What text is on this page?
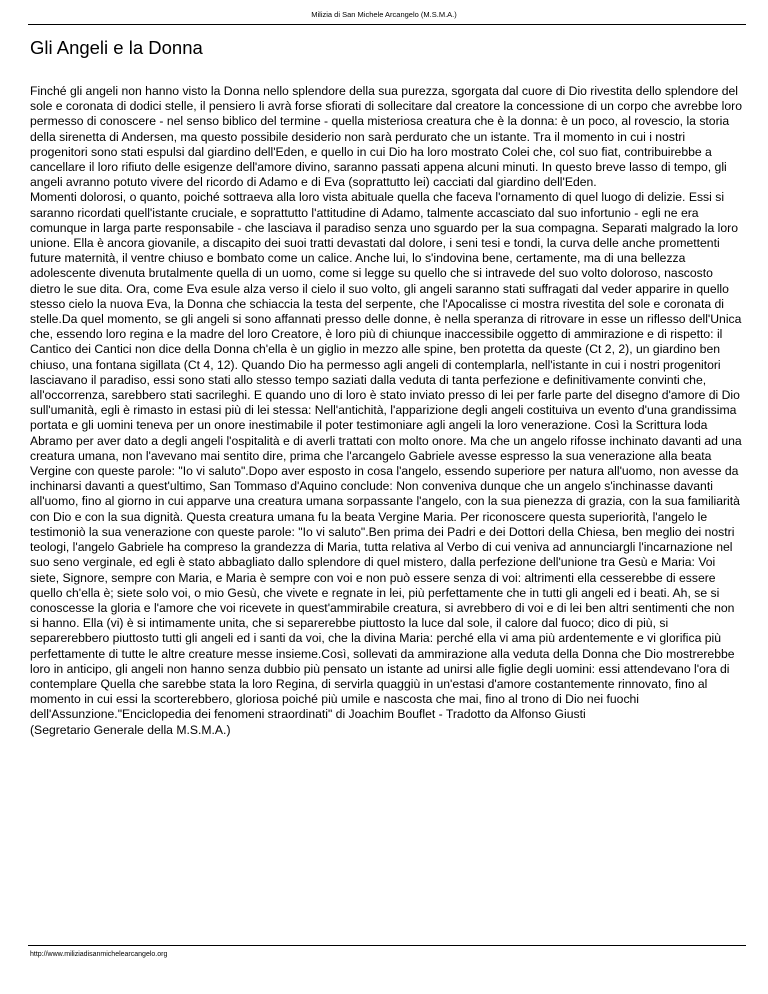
Milizia di San Michele Arcangelo (M.S.M.A.)
Gli Angeli e la Donna

Finché gli angeli non hanno visto la Donna nello splendore della sua purezza, sgorgata dal cuore di Dio rivestita dello splendore del sole e coronata di dodici stelle, il pensiero li avrà forse sfiorati di sollecitare dal creatore la concessione di un corpo che avrebbe loro permesso di conoscere - nel senso biblico del termine - quella misteriosa creatura che è la donna: è un poco, al rovescio, la storia della sirenetta di Andersen, ma questo possibile desiderio non sarà perdurato che un istante. Tra il momento in cui i nostri progenitori sono stati espulsi dal giardino dell'Eden, e quello in cui Dio ha loro mostrato Colei che, col suo fiat, contribuirebbe a cancellare il loro rifiuto delle esigenze dell'amore divino, saranno passati appena alcuni minuti. In questo breve lasso di tempo, gli angeli avranno potuto vivere del ricordo di Adamo e di Eva (soprattutto lei) cacciati dal giardino dell'Eden.
Momenti dolorosi, o quanto, poiché sottraeva alla loro vista abituale quella che faceva l'ornamento di quel luogo di delizie. Essi si saranno ricordati quell'istante cruciale, e soprattutto l'attitudine di Adamo, talmente accasciato dal suo infortunio - egli ne era comunque in larga parte responsabile - che lasciava il paradiso senza uno sguardo per la sua compagna. Separati malgrado la loro unione. Ella è ancora giovanile, a discapito dei suoi tratti devastati dal dolore, i seni tesi e tondi, la curva delle anche promettenti future maternità, il ventre chiuso e bombato come un calice. Anche lui, lo s'indovina bene, certamente, ma di una bellezza adolescente divenuta brutalmente quella di un uomo, come si legge su quello che si intravede del suo volto doloroso, nascosto dietro le sue dita. Ora, come Eva esule alza verso il cielo il suo volto, gli angeli saranno stati suffragati dal veder apparire in quello stesso cielo la nuova Eva, la Donna che schiaccia la testa del serpente, che l'Apocalisse ci mostra rivestita del sole e coronata di stelle.Da quel momento, se gli angeli si sono affannati presso delle donne, è nella speranza di ritrovare in esse un riflesso dell'Unica che, essendo loro regina e la madre del loro Creatore, è loro più di chiunque inaccessibile oggetto di ammirazione e di rispetto: il Cantico dei Cantici non dice della Donna ch'ella è un giglio in mezzo alle spine, ben protetta da queste (Ct 2, 2), un giardino ben chiuso, una fontana sigillata (Ct 4, 12). Quando Dio ha permesso agli angeli di contemplarla, nell'istante in cui i nostri progenitori lasciavano il paradiso, essi sono stati allo stesso tempo saziati dalla veduta di tanta perfezione e definitivamente convinti che, all'occorrenza, sarebbero stati sacrileghi. E quando uno di loro è stato inviato presso di lei per farle parte del disegno d'amore di Dio sull'umanità, egli è rimasto in estasi più di lei stessa: Nell'antichità, l'apparizione degli angeli costituiva un evento d'una grandissima portata e gli uomini teneva per un onore inestimabile il poter testimoniare agli angeli la loro venerazione. Così la Scrittura loda Abramo per aver dato a degli angeli l'ospitalità e di averli trattati con molto onore. Ma che un angelo rifosse inchinato davanti ad una creatura umana, non l'avevano mai sentito dire, prima che l'arcangelo Gabriele avesse espresso la sua venerazione alla beata Vergine con queste parole: "Io vi saluto".Dopo aver esposto in cosa l'angelo, essendo superiore per natura all'uomo, non avesse da inchinarsi davanti a quest'ultimo, San Tommaso d'Aquino conclude: Non conveniva dunque che un angelo s'inchinasse davanti all'uomo, fino al giorno in cui apparve una creatura umana sorpassante l'angelo, con la sua pienezza di grazia, con la sua familiarità con Dio e con la sua dignità. Questa creatura umana fu la beata Vergine Maria. Per riconoscere questa superiorità, l'angelo le testimoniò la sua venerazione con queste parole: "Io vi saluto".Ben prima dei Padri e dei Dottori della Chiesa, ben meglio dei nostri teologi, l'angelo Gabriele ha compreso la grandezza di Maria, tutta relativa al Verbo di cui veniva ad annunciargli l'incarnazione nel suo seno verginale, ed egli è stato abbagliato dallo splendore di quel mistero, dalla perfezione dell'unione tra Gesù e Maria: Voi siete, Signore, sempre con Maria, e Maria è sempre con voi e non può essere senza di voi: altrimenti ella cesserebbe di essere quello ch'ella è; siete solo voi, o mio Gesù, che vivete e regnate in lei, più perfettamente che in tutti gli angeli ed i beati. Ah, se si conoscesse la gloria e l'amore che voi ricevete in quest'ammirabile creatura, si avrebbero di voi e di lei ben altri sentimenti che non si hanno. Ella (vi) è si intimamente unita, che si separerebbe piuttosto la luce dal sole, il calore dal fuoco; dico di più, si separerebbero piuttosto tutti gli angeli ed i santi da voi, che la divina Maria: perché ella vi ama più ardentemente e vi glorifica più perfettamente di tutte le altre creature messe insieme.Così, sollevati da ammirazione alla veduta della Donna che Dio mostrerebbe loro in anticipo, gli angeli non hanno senza dubbio più pensato un istante ad unirsi alle figlie degli uomini: essi attendevano l'ora di contemplare Quella che sarebbe stata la loro Regina, di servirla quaggiù in un'estasi d'amore costantemente rinnovato, fino al momento in cui essi la scorterebbero, gloriosa poiché più umile e nascosta che mai, fino al trono di Dio nei fuochi dell'Assunzione."Enciclopedia dei fenomeni straordinati" di Joachim Bouflet - Tradotto da Alfonso Giusti
(Segretario Generale della M.S.M.A.)

http://www.miliziadisanmichelearcangelo.org
